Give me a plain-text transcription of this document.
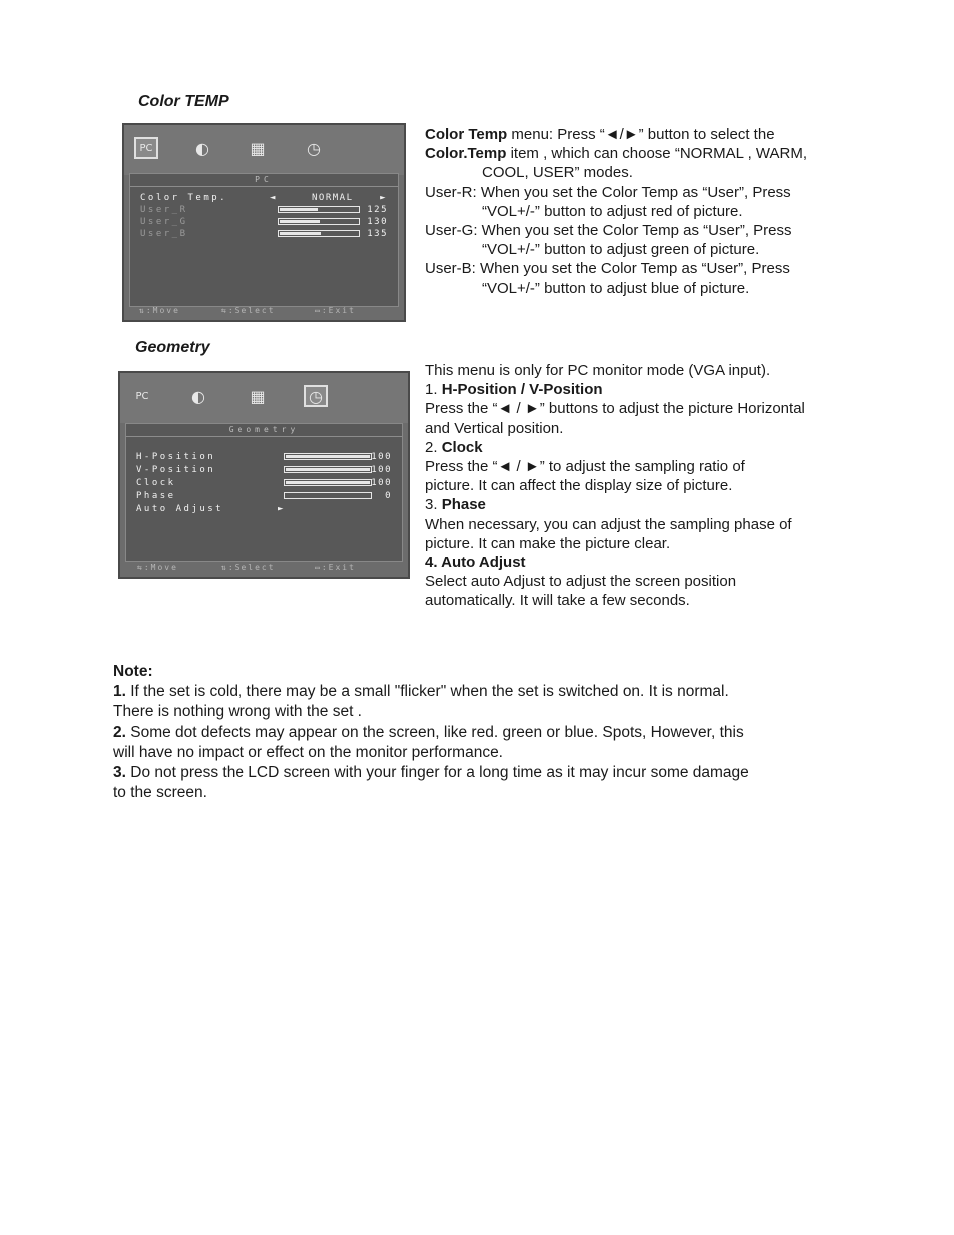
Color TEMP
PC	◐	▦	◷
PC
Color Temp.	◄	NORMAL	►
User_R	125
User_G	130
User_B	135
⇅:Move	⇆:Select	▭:Exit
Color Temp menu: Press “◄/►” button to select the
Color.Temp item , which can choose “NORMAL , WARM,
COOL, USER” modes.
User-R: When you set the Color Temp as “User”, Press
“VOL+/-” button to adjust red of picture.
User-G: When you set the Color Temp as “User”, Press
“VOL+/-” button to adjust green of picture.
User-B: When you set the Color Temp as “User”, Press
“VOL+/-” button to adjust blue of picture.
Geometry
PC	◐	▦	◷
Geometry
H-Position	100
V-Position	100
Clock	100
Phase	0
Auto Adjust	►
⇆:Move	⇅:Select	▭:Exit
This menu is only for PC monitor mode (VGA input).
1. H-Position / V-Position
Press the “◄ / ►” buttons to adjust the picture Horizontal
and Vertical position.
2. Clock
Press the “◄ / ►” to adjust the sampling ratio of
picture. It can affect the display size of picture.
3. Phase
When necessary, you can adjust the sampling phase of
picture. It can make the picture clear.
4. Auto Adjust
Select auto Adjust to adjust the screen position
automatically. It will take a few seconds.
Note:
1. If the set is cold, there may be a small "flicker" when the set is switched on. It is normal.
There is nothing wrong with the set .
2. Some dot defects may appear on the screen, like red. green or blue. Spots, However, this
will have no impact or effect on the monitor performance.
3. Do not press the LCD screen with your finger for a long time as it may incur some damage
to the screen.
